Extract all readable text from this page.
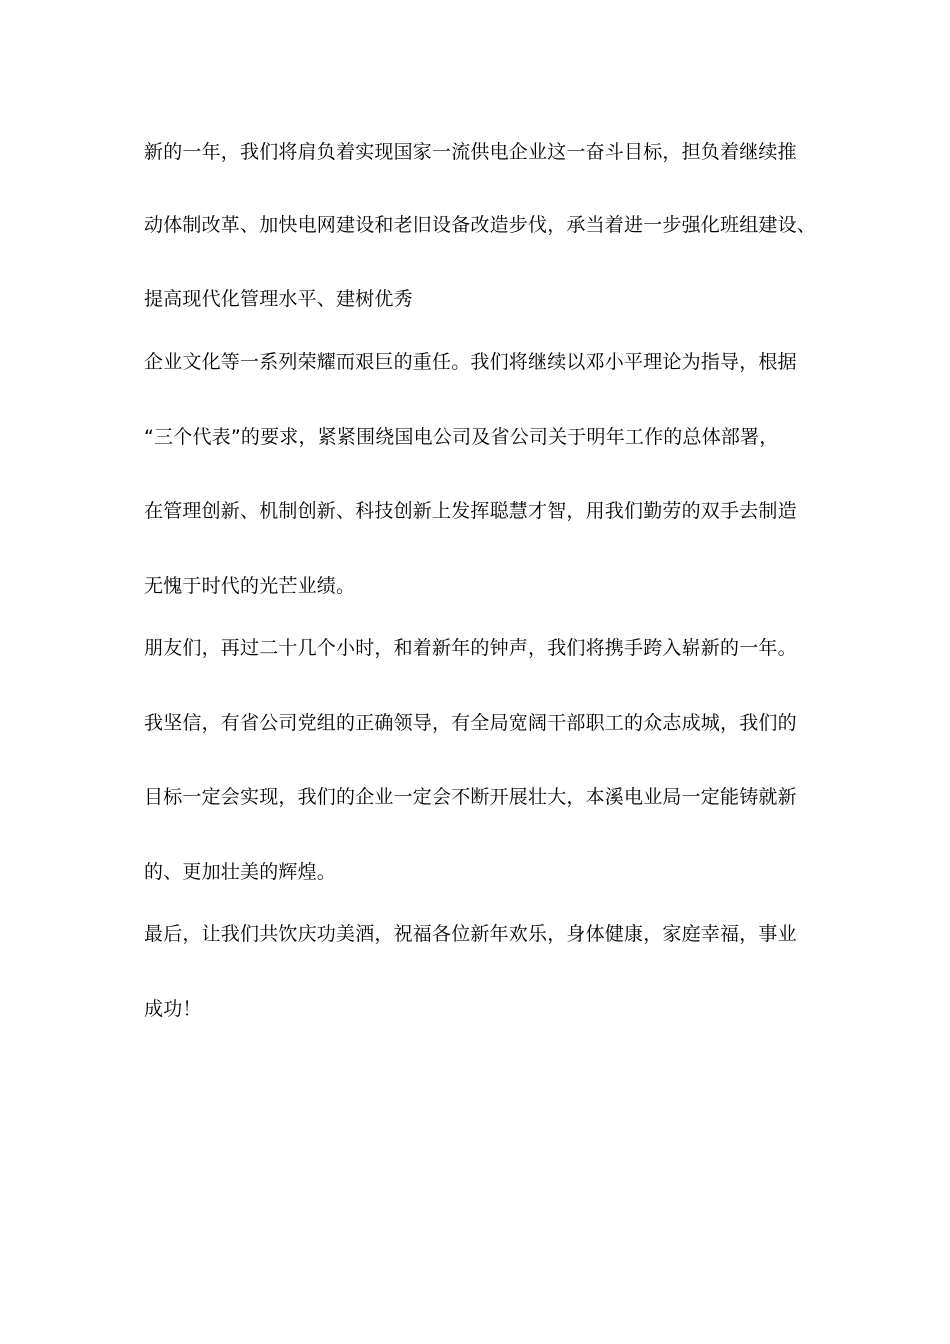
新的一年，我们将肩负着实现国家一流供电企业这一奋斗目标，担负着继续推
动体制改革、加快电网建设和老旧设备改造步伐，承当着进一步强化班组建设、
提高现代化管理水平、建树优秀
企业文化等一系列荣耀而艰巨的重任。我们将继续以邓小平理论为指导，根据
“三个代表”的要求，紧紧围绕国电公司及省公司关于明年工作的总体部署，
在管理创新、机制创新、科技创新上发挥聪慧才智，用我们勤劳的双手去制造
无愧于时代的光芒业绩。
朋友们，再过二十几个小时，和着新年的钟声，我们将携手跨入崭新的一年。
我坚信，有省公司党组的正确领导，有全局宽阔干部职工的众志成城，我们的
目标一定会实现，我们的企业一定会不断开展壮大，本溪电业局一定能铸就新
的、更加壮美的辉煌。
最后，让我们共饮庆功美酒，祝福各位新年欢乐，身体健康，家庭幸福，事业
成功！
